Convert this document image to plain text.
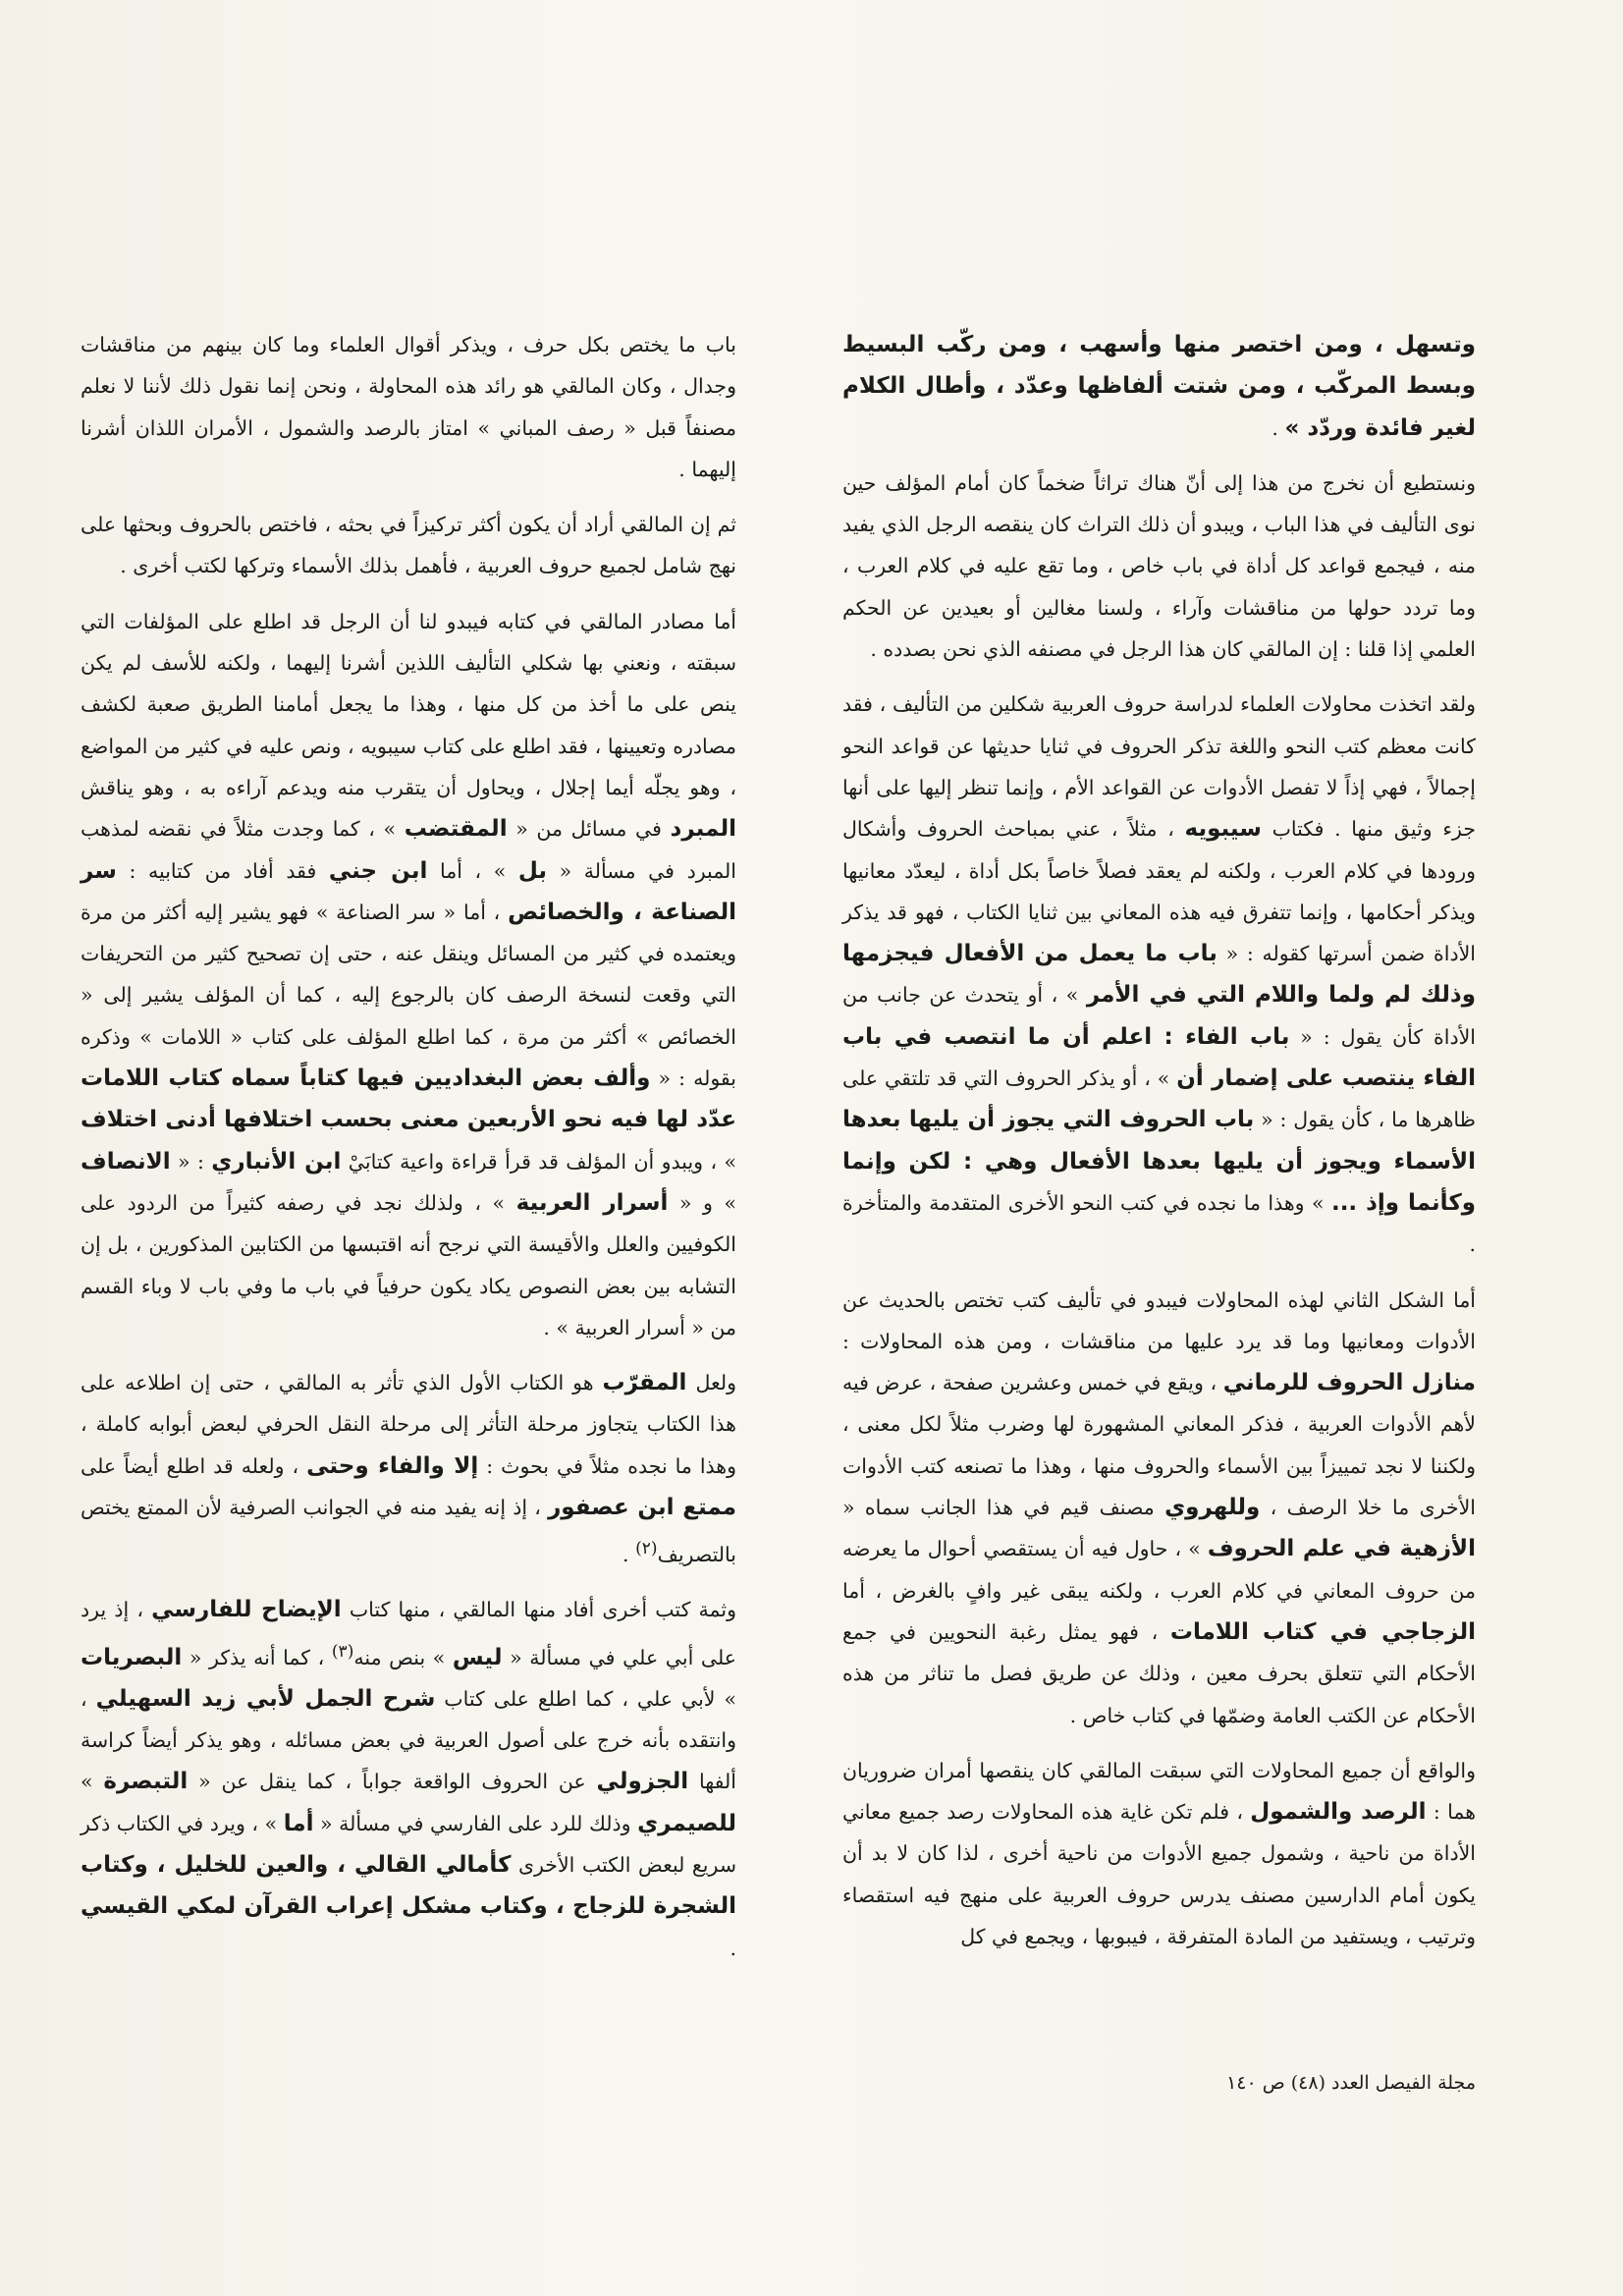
وتسهل ، ومن اختصر منها وأسهب ، ومن ركّب البسيط وبسط المركّب ، ومن شتت ألفاظها وعدّد ، وأطال الكلام لغير فائدة وردّد » .

ونستطيع أن نخرج من هذا إلى أنّ هناك تراثاً ضخماً كان أمام المؤلف حين نوى التأليف في هذا الباب ، ويبدو أن ذلك التراث كان ينقصه الرجل الذي يفيد منه ، فيجمع قواعد كل أداة في باب خاص ، وما تقع عليه في كلام العرب ، وما تردد حولها من مناقشات وآراء ، ولسنا مغالين أو بعيدين عن الحكم العلمي إذا قلنا : إن المالقي كان هذا الرجل في مصنفه الذي نحن بصدده .

ولقد اتخذت محاولات العلماء لدراسة حروف العربية شكلين من التأليف ، فقد كانت معظم كتب النحو واللغة تذكر الحروف في ثنايا حديثها عن قواعد النحو إجمالاً ، فهي إذاً لا تفصل الأدوات عن القواعد الأم ، وإنما تنظر إليها على أنها جزء وثيق منها . فكتاب سيبويه ، مثلاً ، عني بمباحث الحروف وأشكال ورودها في كلام العرب ، ولكنه لم يعقد فصلاً خاصاً بكل أداة ، ليعدّد معانيها ويذكر أحكامها ، وإنما تتفرق فيه هذه المعاني بين ثنايا الكتاب ، فهو قد يذكر الأداة ضمن أسرتها كقوله : « باب ما يعمل من الأفعال فيجزمها وذلك لم ولما واللام التي في الأمر » ، أو يتحدث عن جانب من الأداة كأن يقول : « باب الفاء : اعلم أن ما انتصب في باب الفاء ينتصب على إضمار أن » ، أو يذكر الحروف التي قد تلتقي على ظاهرها ما ، كأن يقول : « باب الحروف التي يجوز أن يليها بعدها الأسماء ويجوز أن يليها بعدها الأفعال وهي : لكن وإنما وكأنما وإذ ... » وهذا ما نجده في كتب النحو الأخرى المتقدمة والمتأخرة .

أما الشكل الثاني لهذه المحاولات فيبدو في تأليف كتب تختص بالحديث عن الأدوات ومعانيها وما قد يرد عليها من مناقشات ، ومن هذه المحاولات : منازل الحروف للرماني ، ويقع في خمس وعشرين صفحة ، عرض فيه لأهم الأدوات العربية ، فذكر المعاني المشهورة لها وضرب مثلاً لكل معنى ، ولكننا لا نجد تمييزاً بين الأسماء والحروف منها ، وهذا ما تصنعه كتب الأدوات الأخرى ما خلا الرصف ، وللهروي مصنف قيم في هذا الجانب سماه « الأزهية في علم الحروف » ، حاول فيه أن يستقصي أحوال ما يعرضه من حروف المعاني في كلام العرب ، ولكنه يبقى غير وافٍ بالغرض ، أما الزجاجي في كتاب اللامات ، فهو يمثل رغبة النحويين في جمع الأحكام التي تتعلق بحرف معين ، وذلك عن طريق فصل ما تناثر من هذه الأحكام عن الكتب العامة وضمّها في كتاب خاص .

والواقع أن جميع المحاولات التي سبقت المالقي كان ينقصها أمران ضروريان هما : الرصد والشمول ، فلم تكن غاية هذه المحاولات رصد جميع معاني الأداة من ناحية ، وشمول جميع الأدوات من ناحية أخرى ، لذا كان لا بد أن يكون أمام الدارسين مصنف يدرس حروف العربية على منهج فيه استقصاء وترتيب ، ويستفيد من المادة المتفرقة ، فيبوبها ، ويجمع في كل

باب ما يختص بكل حرف ، ويذكر أقوال العلماء وما كان بينهم من مناقشات وجدال ، وكان المالقي هو رائد هذه المحاولة ، ونحن إنما نقول ذلك لأننا لا نعلم مصنفاً قبل « رصف المباني » امتاز بالرصد والشمول ، الأمران اللذان أشرنا إليهما .

ثم إن المالقي أراد أن يكون أكثر تركيزاً في بحثه ، فاختص بالحروف وبحثها على نهج شامل لجميع حروف العربية ، فأهمل بذلك الأسماء وتركها لكتب أخرى .

أما مصادر المالقي في كتابه فيبدو لنا أن الرجل قد اطلع على المؤلفات التي سبقته ، ونعني بها شكلي التأليف اللذين أشرنا إليهما ، ولكنه للأسف لم يكن ينص على ما أخذ من كل منها ، وهذا ما يجعل أمامنا الطريق صعبة لكشف مصادره وتعيينها ، فقد اطلع على كتاب سيبويه ، ونص عليه في كثير من المواضع ، وهو يجلّه أيما إجلال ، ويحاول أن يتقرب منه ويدعم آراءه به ، وهو يناقش المبرد في مسائل من « المقتضب » ، كما وجدت مثلاً في نقضه لمذهب المبرد في مسألة « بل » ، أما ابن جني فقد أفاد من كتابيه : سر الصناعة ، والخصائص ، أما « سر الصناعة » فهو يشير إليه أكثر من مرة ويعتمده في كثير من المسائل وينقل عنه ، حتى إن تصحيح كثير من التحريفات التي وقعت لنسخة الرصف كان بالرجوع إليه ، كما أن المؤلف يشير إلى « الخصائص » أكثر من مرة ، كما اطلع المؤلف على كتاب « اللامات » وذكره بقوله : « وألف بعض البغداديين فيها كتاباً سماه كتاب اللامات عدّد لها فيه نحو الأربعين معنى بحسب اختلافها أدنى اختلاف » ، ويبدو أن المؤلف قد قرأ قراءة واعية كتابَيْ ابن الأنباري : « الانصاف » و « أسرار العربية » ، ولذلك نجد في رصفه كثيراً من الردود على الكوفيين والعلل والأقيسة التي نرجح أنه اقتبسها من الكتابين المذكورين ، بل إن التشابه بين بعض النصوص يكاد يكون حرفياً في باب ما وفي باب لا وباء القسم من « أسرار العربية » .

ولعل المقرّب هو الكتاب الأول الذي تأثر به المالقي ، حتى إن اطلاعه على هذا الكتاب يتجاوز مرحلة التأثر إلى مرحلة النقل الحرفي لبعض أبوابه كاملة ، وهذا ما نجده مثلاً في بحوث : إلا والفاء وحتى ، ولعله قد اطلع أيضاً على ممتع ابن عصفور ، إذ إنه يفيد منه في الجوانب الصرفية لأن الممتع يختص بالتصريف$^{(٢)}$ .

وثمة كتب أخرى أفاد منها المالقي ، منها كتاب الإيضاح للفارسي ، إذ يرد على أبي علي في مسألة « ليس » بنص منه$^{(٣)}$ ، كما أنه يذكر « البصريات » لأبي علي ، كما اطلع على كتاب شرح الجمل لأبي زيد السهيلي ، وانتقده بأنه خرج على أصول العربية في بعض مسائله ، وهو يذكر أيضاً كراسة ألفها الجزولي عن الحروف الواقعة جواباً ، كما ينقل عن « التبصرة » للصيمري وذلك للرد على الفارسي في مسألة « أما » ، ويرد في الكتاب ذكر سريع لبعض الكتب الأخرى كأمالي القالي ، والعين للخليل ، وكتاب الشجرة للزجاج ، وكتاب مشكل إعراب القرآن لمكي القيسي .

مجلة الفيصل العدد (٤٨) ص ١٤٠
